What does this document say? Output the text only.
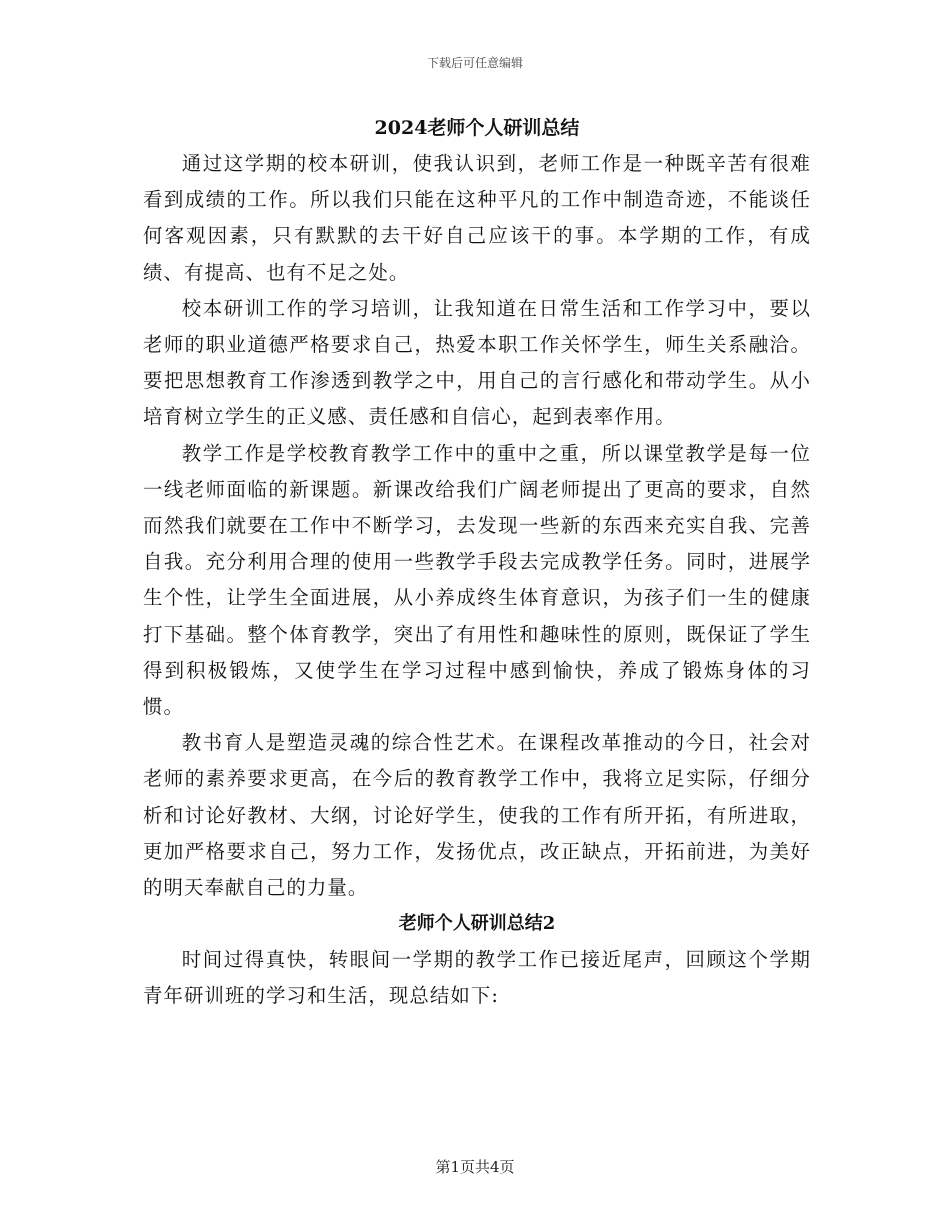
下载后可任意编辑
2024老师个人研训总结

通过这学期的校本研训，使我认识到，老师工作是一种既辛苦有很难看到成绩的工作。所以我们只能在这种平凡的工作中制造奇迹，不能谈任何客观因素，只有默默的去干好自己应该干的事。本学期的工作，有成绩、有提高、也有不足之处。

校本研训工作的学习培训，让我知道在日常生活和工作学习中，要以老师的职业道德严格要求自己，热爱本职工作关怀学生，师生关系融洽。要把思想教育工作渗透到教学之中，用自己的言行感化和带动学生。从小培育树立学生的正义感、责任感和自信心，起到表率作用。

教学工作是学校教育教学工作中的重中之重，所以课堂教学是每一位一线老师面临的新课题。新课改给我们广阔老师提出了更高的要求，自然而然我们就要在工作中不断学习，去发现一些新的东西来充实自我、完善自我。充分利用合理的使用一些教学手段去完成教学任务。同时，进展学生个性，让学生全面进展，从小养成终生体育意识，为孩子们一生的健康打下基础。整个体育教学，突出了有用性和趣味性的原则，既保证了学生得到积极锻炼，又使学生在学习过程中感到愉快，养成了锻炼身体的习惯。

教书育人是塑造灵魂的综合性艺术。在课程改革推动的今日，社会对老师的素养要求更高，在今后的教育教学工作中，我将立足实际，仔细分析和讨论好教材、大纲，讨论好学生，使我的工作有所开拓，有所进取，更加严格要求自己，努力工作，发扬优点，改正缺点，开拓前进，为美好的明天奉献自己的力量。

老师个人研训总结2

时间过得真快，转眼间一学期的教学工作已接近尾声，回顾这个学期青年研训班的学习和生活，现总结如下:

第1页共4页
